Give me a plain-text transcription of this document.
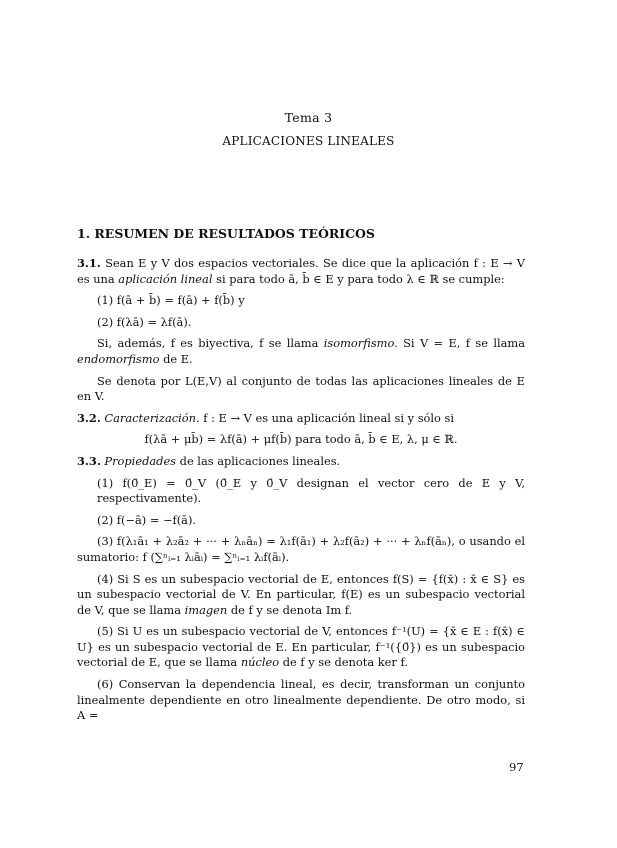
Tema 3
APLICACIONES LINEALES
1. RESUMEN DE RESULTADOS TEÓRICOS

3.1. Sean E y V dos espacios vectoriales. Se dice que la aplicación f : E → V es una aplicación lineal si para todo ā, b̄ ∈ E y para todo λ ∈ ℝ se cumple:

(1) f(ā + b̄) = f(ā) + f(b̄) y

(2) f(λā) = λf(ā).

Si, además, f es biyectiva, f se llama isomorfismo. Si V = E, f se llama endomorfismo de E.

Se denota por L(E,V) al conjunto de todas las aplicaciones lineales de E en V.

3.2. Caracterización. f : E → V es una aplicación lineal si y sólo si

f(λā + μb̄) = λf(ā) + μf(b̄) para todo ā, b̄ ∈ E, λ, μ ∈ ℝ.

3.3. Propiedades de las aplicaciones lineales.

(1) f(0̄_E) = 0̄_V (0̄_E y 0̄_V designan el vector cero de E y V, respectivamente).

(2) f(−ā) = −f(ā).

(3) f(λ₁ā₁ + λ₂ā₂ + ··· + λₙāₙ) = λ₁f(ā₁) + λ₂f(ā₂) + ··· + λₙf(āₙ), o usando el sumatorio: f (∑ⁿᵢ₌₁ λᵢāᵢ) = ∑ⁿᵢ₌₁ λᵢf(āᵢ).

(4) Si S es un subespacio vectorial de E, entonces f(S) = {f(x̄) : x̄ ∈ S} es un subespacio vectorial de V. En particular, f(E) es un subespacio vectorial de V, que se llama imagen de f y se denota Im f.

(5) Si U es un subespacio vectorial de V, entonces f⁻¹(U) = {x̄ ∈ E : f(x̄) ∈ U} es un subespacio vectorial de E. En particular, f⁻¹({0̄}) es un subespacio vectorial de E, que se llama núcleo de f y se denota ker f.

(6) Conservan la dependencia lineal, es decir, transforman un conjunto linealmente dependiente en otro linealmente dependiente. De otro modo, si A =

97
